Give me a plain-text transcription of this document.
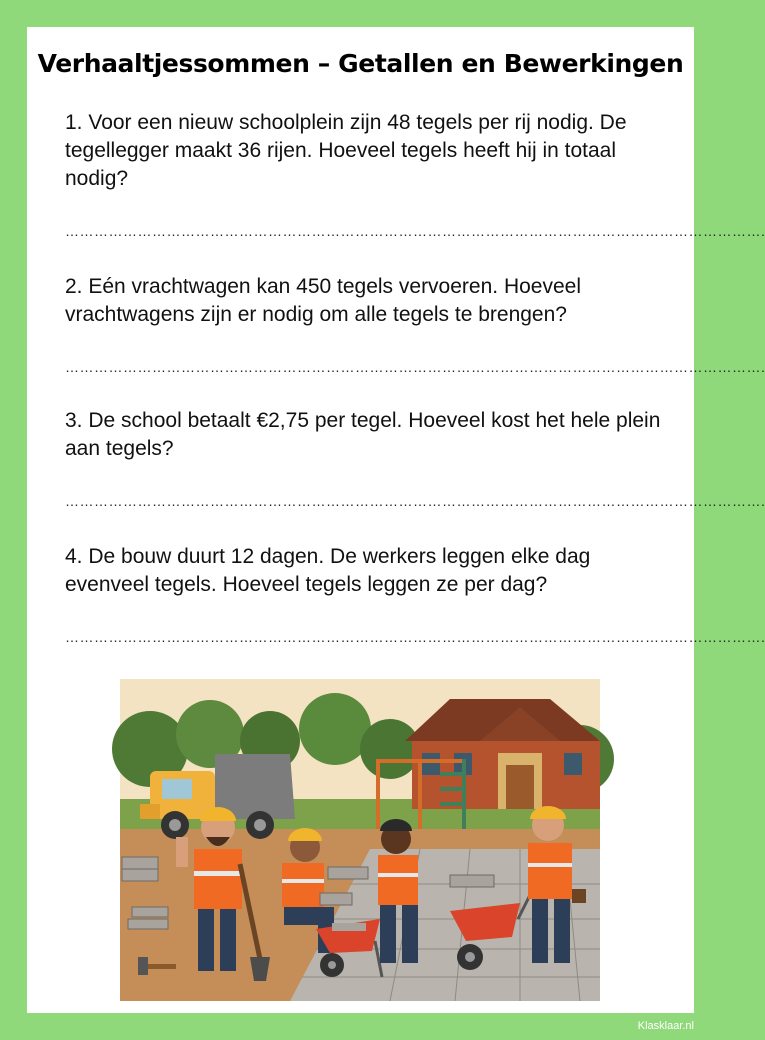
Verhaaltjessommen – Getallen en Bewerkingen
1. Voor een nieuw schoolplein zijn 48 tegels per rij nodig. De tegellegger maakt 36 rijen. Hoeveel tegels heeft hij in totaal nodig?
……………………………………………………………………………………………………………………………….
2. Eén vrachtwagen kan 450 tegels vervoeren. Hoeveel vrachtwagens zijn er nodig om alle tegels te brengen?
……………………………………………………………………………………………………………………………….
3. De school betaalt €2,75 per tegel. Hoeveel kost het hele plein aan tegels?
……………………………………………………………………………………………………………………………….
4. De bouw duurt 12 dagen. De werkers leggen elke dag evenveel tegels. Hoeveel tegels leggen ze per dag?
……………………………………………………………………………………………………………………………….
Klasklaar.nl
